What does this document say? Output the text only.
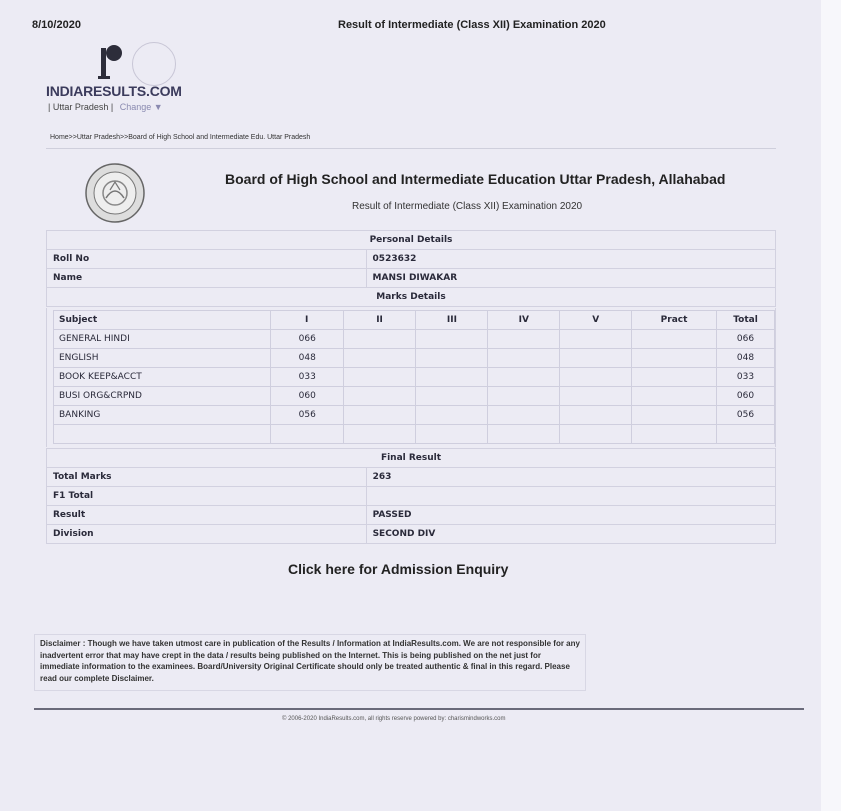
8/10/2020	Result of Intermediate (Class XII) Examination 2020
INDIARESULTS.COM
| Uttar Pradesh | Change ▼
Home>>Uttar Pradesh>>Board of High School and Intermediate Edu. Uttar Pradesh
Board of High School and Intermediate Education Uttar Pradesh, Allahabad
Result of Intermediate (Class XII) Examination 2020
Personal Details	
Roll No	0523632
Name	MANSI DIWAKAR
Marks Details	
Subject	I	II	III	IV	V	Pract	Total
GENERAL HINDI	066						066
ENGLISH	048						048
BOOK KEEP&ACCT	033						033
BUSI ORG&CRPND	060						060
BANKING	056						056

Final Result	
Total Marks	263
F1 Total	
Result	PASSED
Division	SECOND DIV
Click here for Admission Enquiry
Disclaimer : Though we have taken utmost care in publication of the Results / Information at IndiaResults.com. We are not responsible for any inadvertent error that may have crept in the data / results being published on the Internet. This is being published on the net just for immediate information to the examinees. Board/University Original Certificate should only be treated authentic & final in this regard. Please read our complete Disclaimer.
© 2006-2020 IndiaResults.com, all rights reserve powered by: charismindworks.com
